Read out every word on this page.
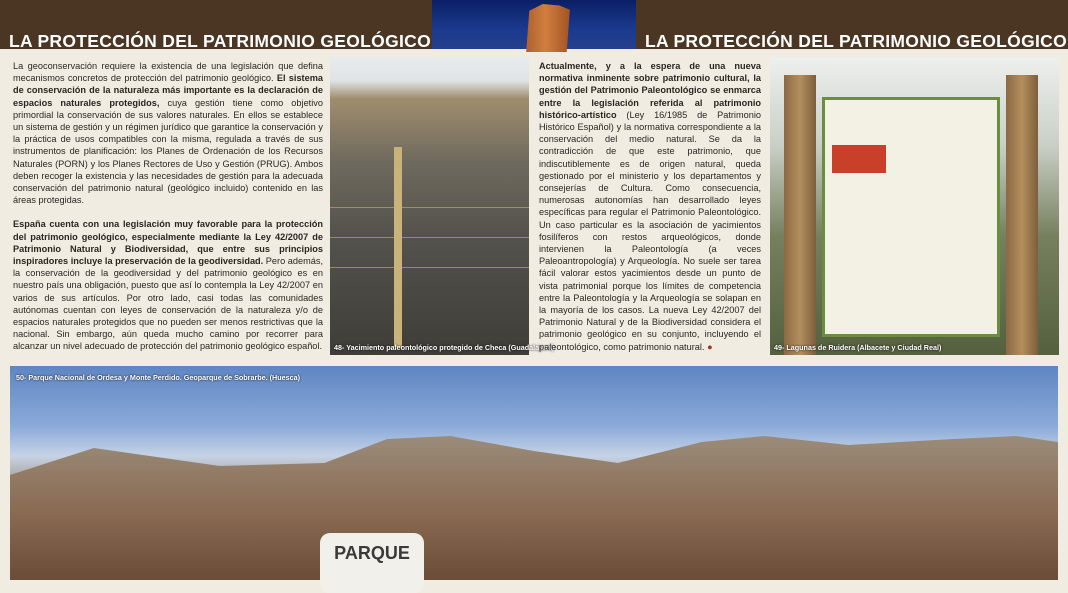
LA PROTECCIÓN DEL PATRIMONIO GEOLÓGICO	LA PROTECCIÓN DEL PATRIMONIO GEOLÓGICO

La geoconservación requiere la existencia de una legislación que defina mecanismos concretos de protección del patrimonio geológico. El sistema de conservación de la naturaleza más importante es la declaración de espacios naturales protegidos, cuya gestión tiene como objetivo primordial la conservación de sus valores naturales. En ellos se establece un sistema de gestión y un régimen jurídico que garantice la conservación y la práctica de usos compatibles con la misma, regulada a través de sus instrumentos de planificación: los Planes de Ordenación de los Recursos Naturales (PORN) y los Planes Rectores de Uso y Gestión (PRUG). Ambos deben recoger la existencia y las necesidades de gestión para la adecuada conservación del patrimonio natural (geológico incluido) contenido en las áreas protegidas.

España cuenta con una legislación muy favorable para la protección del patrimonio geológico, especialmente mediante la Ley 42/2007 de Patrimonio Natural y Biodiversidad, que entre sus principios inspiradores incluye la preservación de la geodiversidad. Pero además, la conservación de la geodiversidad y del patrimonio geológico es en nuestro país una obligación, puesto que así lo contempla la Ley 42/2007 en varios de sus artículos. Por otro lado, casi todas las comunidades autónomas cuentan con leyes de conservación de la naturaleza y/o de espacios naturales protegidos que no pueden ser menos restrictivas que la nacional. Sin embargo, aún queda mucho camino por recorrer para alcanzar un nivel adecuado de protección del patrimonio geológico español. 48- Yacimiento paleontológico protegido de Checa (Guadalajara)

Actualmente, y a la espera de una nueva normativa inminente sobre patrimonio cultural, la gestión del Patrimonio Paleontológico se enmarca entre la legislación referida al patrimonio histórico-artístico (Ley 16/1985 de Patrimonio Histórico Español) y la normativa correspondiente a la conservación del medio natural. Se da la contradicción de que este patrimonio, que indiscutiblemente es de origen natural, queda gestionado por el ministerio y los departamentos y consejerías de Cultura. Como consecuencia, numerosas autonomías han desarrollado leyes específicas para regular el Patrimonio Paleontológico. Un caso particular es la asociación de yacimientos fosilíferos con restos arqueológicos, donde intervienen la Paleontología (a veces Paleoantropología) y Arqueología. No suele ser tarea fácil valorar estos yacimientos desde un punto de vista patrimonial porque los límites de competencia entre la Paleontología y la Arqueología se solapan en la mayoría de los casos. La nueva Ley 42/2007 del Patrimonio Natural y de la Biodiversidad considera el patrimonio geológico en su conjunto, incluyendo el paleontológico, como patrimonio natural. ●	49- Lagunas de Ruidera (Albacete y Ciudad Real)
PARQUE
50- Parque Nacional de Ordesa y Monte Perdido. Geoparque de Sobrarbe. (Huesca)
